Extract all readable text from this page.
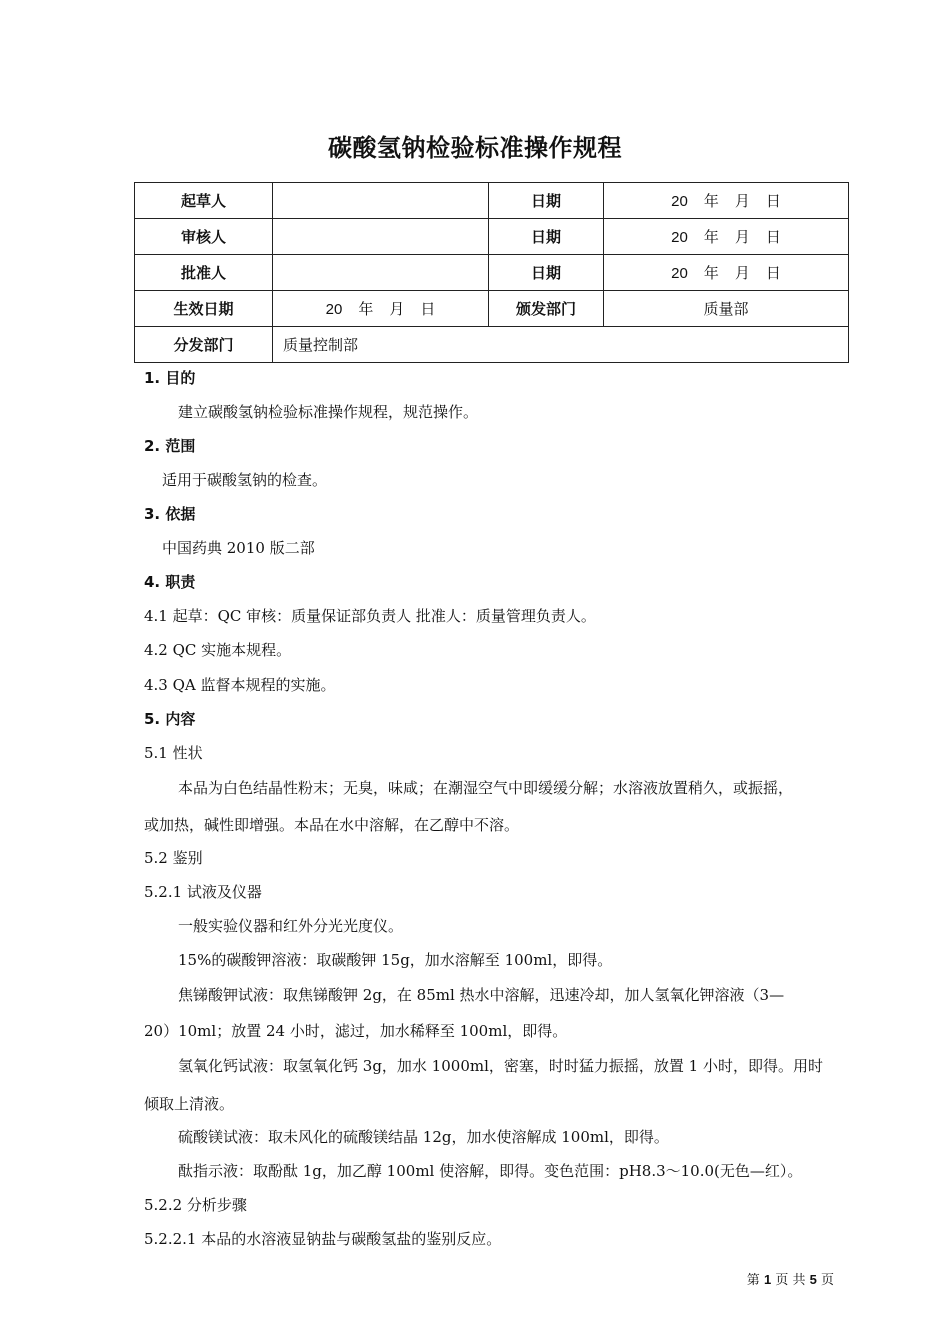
碳酸氢钠检验标准操作规程
起草人		日期	20 年 月 日
审核人		日期	20 年 月 日
批准人		日期	20 年 月 日
生效日期	20 年 月 日	颁发部门	质量部
分发部门	质量控制部		
1. 目的
建立碳酸氢钠检验标准操作规程，规范操作。
2. 范围
适用于碳酸氢钠的检查。
3. 依据
中国药典 2010 版二部
4. 职责
4.1 起草：QC 审核：质量保证部负责人 批准人：质量管理负责人。
4.2 QC 实施本规程。
4.3 QA 监督本规程的实施。
5. 内容
5.1 性状
本品为白色结晶性粉末；无臭，味咸；在潮湿空气中即缓缓分解；水溶液放置稍久，或振摇，
或加热，碱性即增强。本品在水中溶解，在乙醇中不溶。
5.2 鉴别
5.2.1 试液及仪器
一般实验仪器和红外分光光度仪。
15%的碳酸钾溶液：取碳酸钾 15g，加水溶解至 100ml，即得。
焦锑酸钾试液：取焦锑酸钾 2g，在 85ml 热水中溶解，迅速冷却，加人氢氧化钾溶液（3—
20）10ml；放置 24 小时，滤过，加水稀释至 100ml，即得。
氢氧化钙试液：取氢氧化钙 3g，加水 1000ml，密塞，时时猛力振摇，放置 1 小时，即得。用时
倾取上清液。
硫酸镁试液：取未风化的硫酸镁结晶 12g，加水使溶解成 100ml，即得。
酞指示液：取酚酞 1g，加乙醇 100ml 使溶解，即得。变色范围：pH8.3～10.0(无色—红）。
5.2.2 分析步骤
5.2.2.1 本品的水溶液显钠盐与碳酸氢盐的鉴别反应。
第 1 页 共 5 页
